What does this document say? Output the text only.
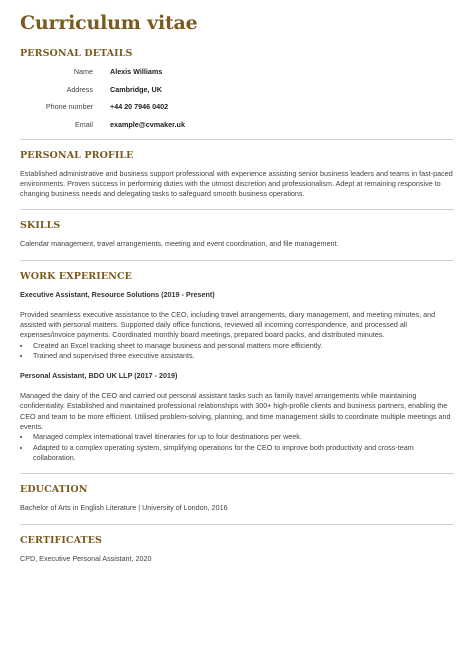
Curriculum vitae
PERSONAL DETAILS
Name Alexis Williams
Address Cambridge, UK
Phone number +44 20 7946 0402
Email example@cvmaker.uk
PERSONAL PROFILE

Established administrative and business support professional with experience assisting senior business leaders and teams in fast-paced environments. Proven success in performing duties with the utmost discretion and professionalism. Adept at remaining responsive to changing business needs and delegating tasks to safeguard smooth business operations.

SKILLS

Calendar management, travel arrangements, meeting and event coordination, and file management.

WORK EXPERIENCE

Executive Assistant, Resource Solutions (2019 - Present)

Provided seamless executive assistance to the CEO, including travel arrangements, diary management, and meeting minutes, and assisted with personal matters. Supported daily office functions, reviewed all incoming correspondence, and processed all expenses/invoice payments. Coordinated monthly board meetings, prepared board packs, and distributed minutes.

• Created an Excel tracking sheet to manage business and personal matters more efficiently.
• Trained and supervised three executive assistants.

Personal Assistant, BDO UK LLP (2017 - 2019)

Managed the dairy of the CEO and carried out personal assistant tasks such as family travel arrangements while maintaining confidentiality. Established and maintained professional relationships with 300+ high-profile clients and business partners, enabling the CEO and team to be more efficient. Utilised problem-solving, planning, and time management skills to coordinate multiple meetings and events.

• Managed complex international travel itineraries for up to four destinations per week.
• Adapted to a complex operating system, simplifying operations for the CEO to improve both productivity and cross-team collaboration.
EDUCATION

Bachelor of Arts in English Literature | University of London, 2016

CERTIFICATES

CPD, Executive Personal Assistant, 2020
